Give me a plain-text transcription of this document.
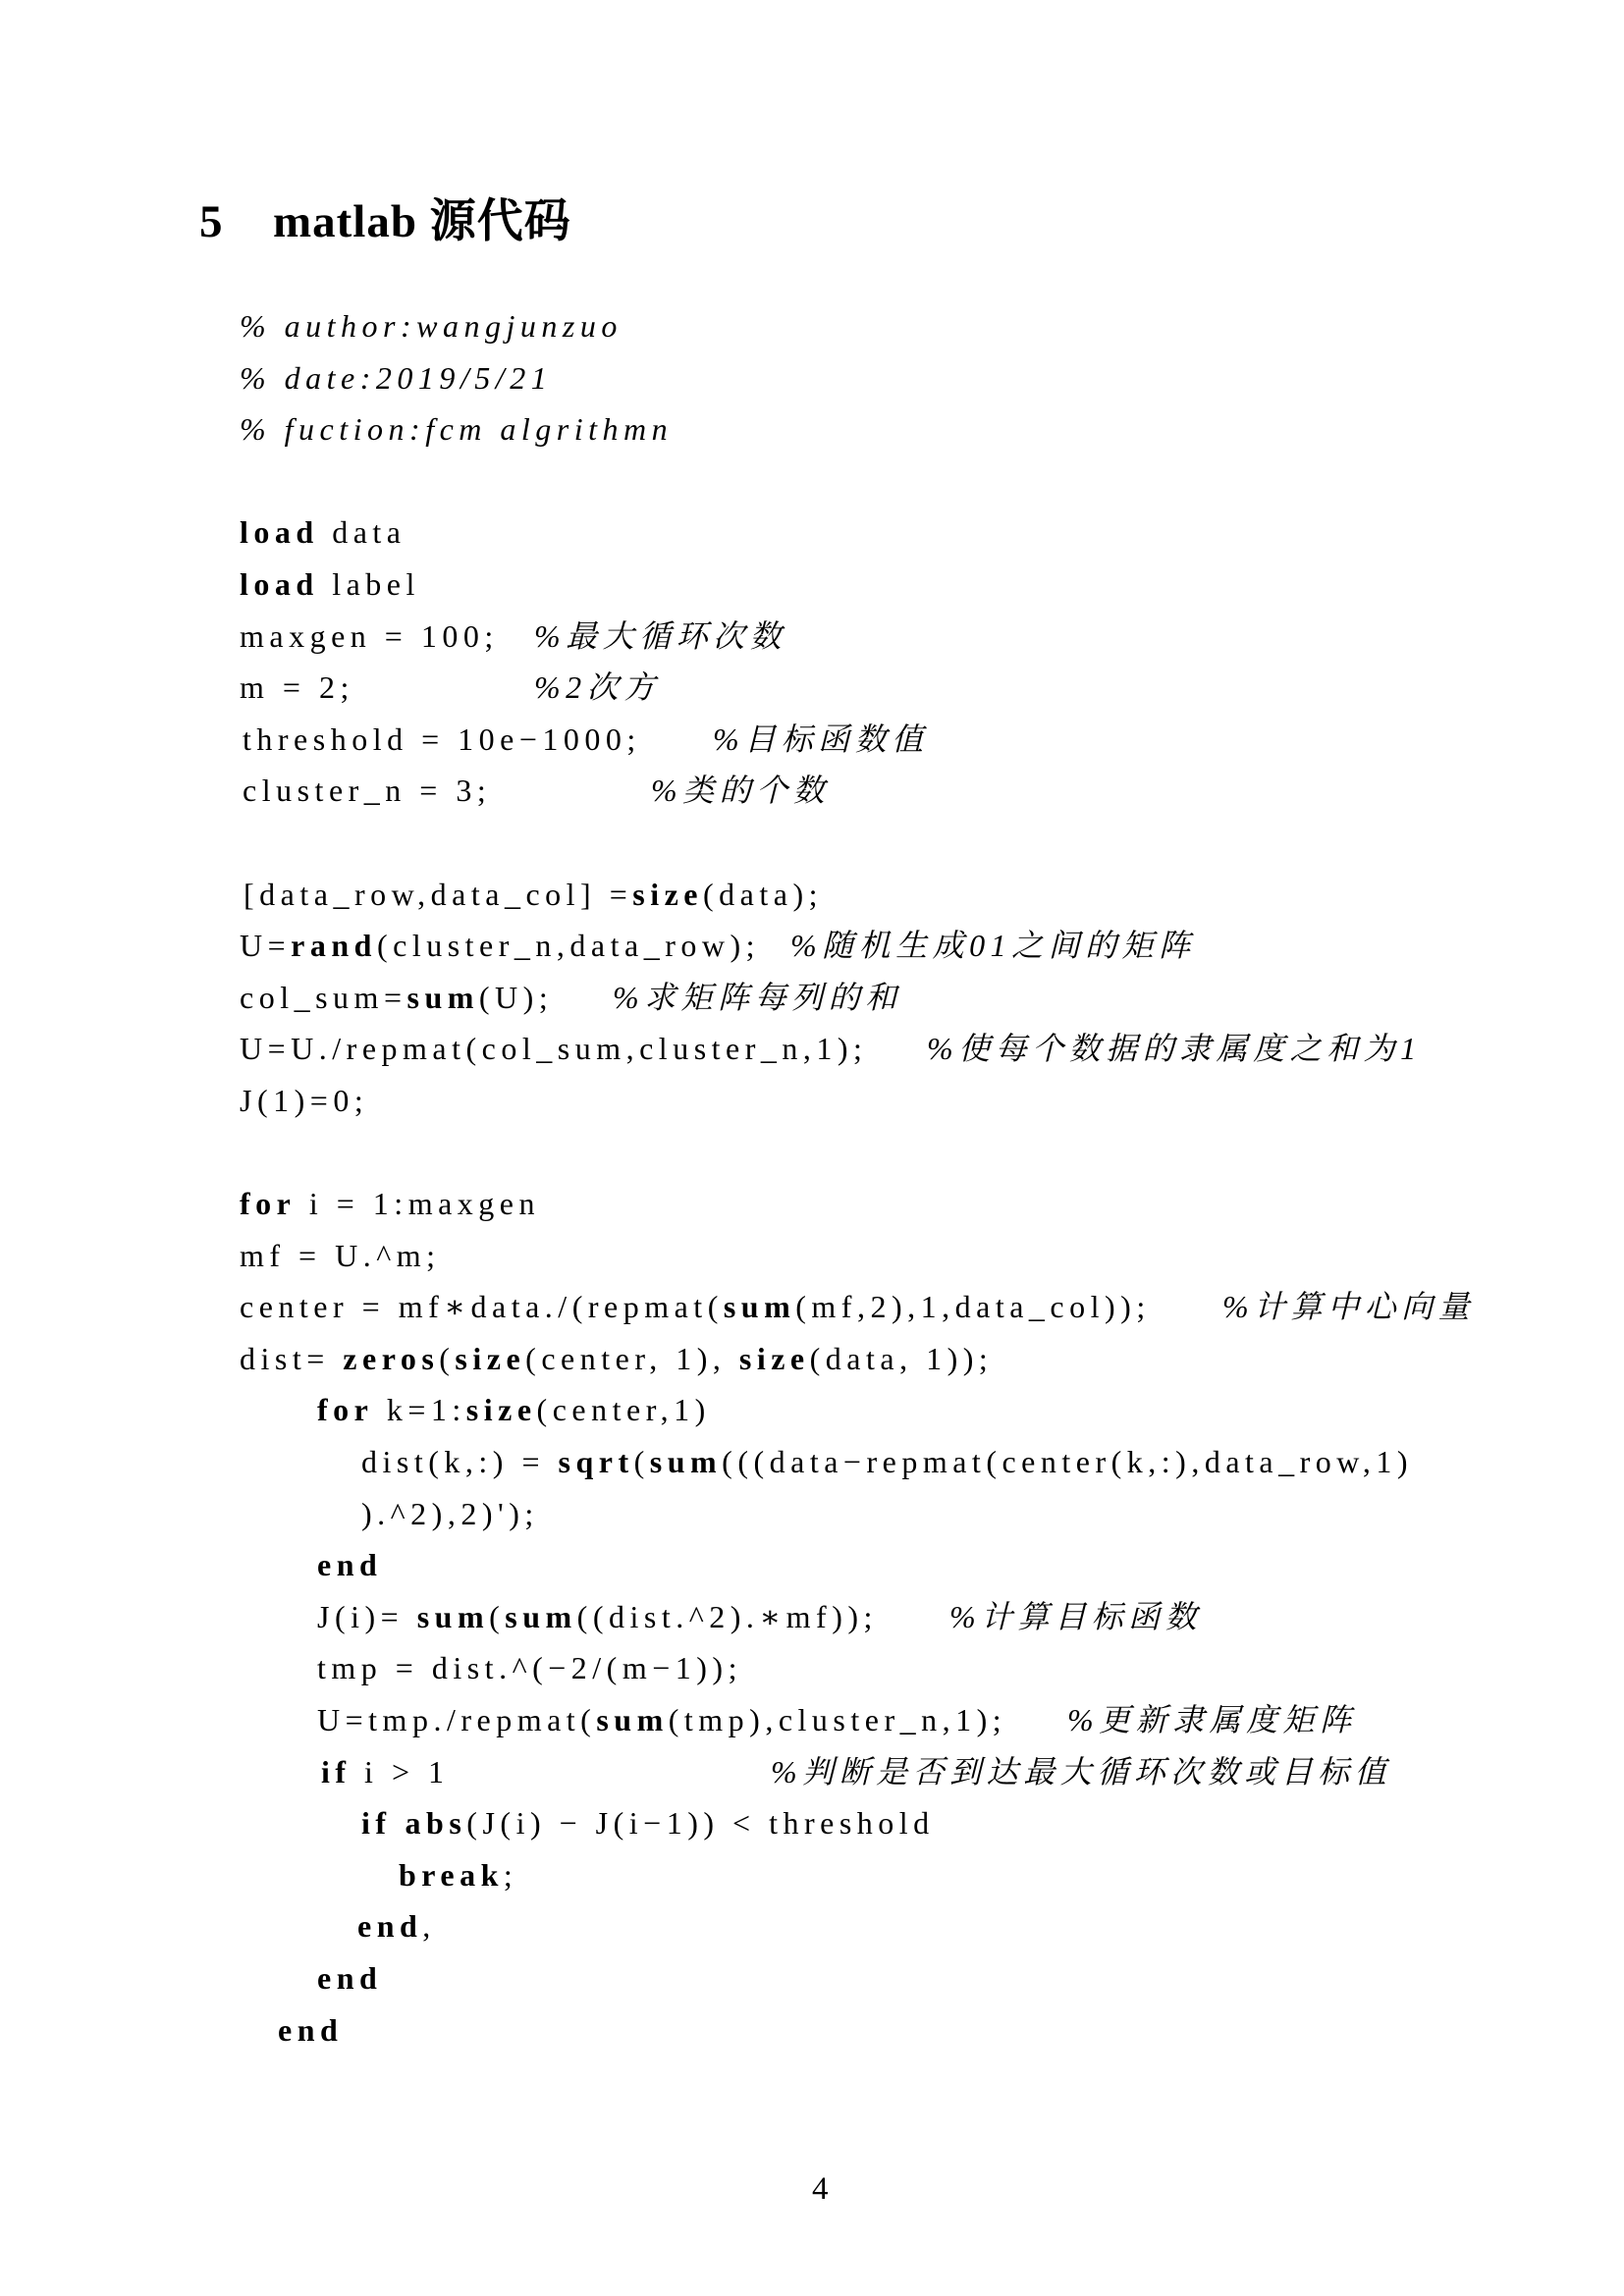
5 matlab 源代码
% author:wangjunzuo
% date:2019/5/21
% fuction:fcm algrithmn
load data
load label
maxgen = 100; %最大循环次数
m = 2;	%2次方
threshold = 10e−1000; %目标函数值
cluster_n = 3;	%类的个数
[data_row,data_col] = size (data);
U= rand (cluster_n,data_row); %随机生成01之间的矩阵
col_sum= sum (U); %求矩阵每列的和
U=U./repmat(col_sum,cluster_n,1); %使每个数据的隶属度之和为1
J(1)=0;
for i = 1:maxgen
mf = U.^m;
center = mf∗data./(repmat( sum (mf,2),1,data_col)); %计算中心向量
dist= zeros ( size (center, 1), size (data, 1));
for k=1: size (center,1)
dist(k,:) = sqrt ( sum (((data−repmat(center(k,:),data_row,1)
).^2),2)');
end
J(i)= sum ( sum ((dist.^2).∗mf)); %计算目标函数
tmp = dist.^(−2/(m−1));
U=tmp./repmat( sum (tmp),cluster_n,1); %更新隶属度矩阵
if i > 1	%判断是否到达最大循环次数或目标值
if abs (J(i) − J(i−1)) < threshold
break ;
end ,
end
end
4
